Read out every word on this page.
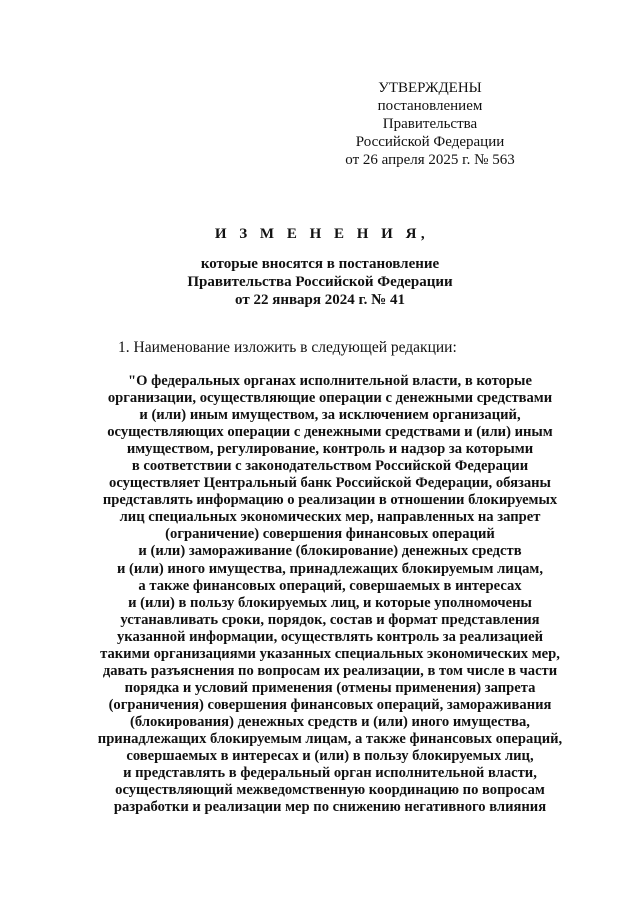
УТВЕРЖДЕНЫ
постановлением Правительства
Российской Федерации
от 26 апреля 2025 г. № 563
И З М Е Н Е Н И Я,
которые вносятся в постановление
Правительства Российской Федерации
от 22 января 2024 г. № 41
1. Наименование изложить в следующей редакции:
"О федеральных органах исполнительной власти, в которые
организации, осуществляющие операции с денежными средствами
и (или) иным имуществом, за исключением организаций,
осуществляющих операции с денежными средствами и (или) иным
имуществом, регулирование, контроль и надзор за которыми
в соответствии с законодательством Российской Федерации
осуществляет Центральный банк Российской Федерации, обязаны
представлять информацию о реализации в отношении блокируемых
лиц специальных экономических мер, направленных на запрет
(ограничение) совершения финансовых операций
и (или) замораживание (блокирование) денежных средств
и (или) иного имущества, принадлежащих блокируемым лицам,
а также финансовых операций, совершаемых в интересах
и (или) в пользу блокируемых лиц, и которые уполномочены
устанавливать сроки, порядок, состав и формат представления
указанной информации, осуществлять контроль за реализацией
такими организациями указанных специальных экономических мер,
давать разъяснения по вопросам их реализации, в том числе в части
порядка и условий применения (отмены применения) запрета
(ограничения) совершения финансовых операций, замораживания
(блокирования) денежных средств и (или) иного имущества,
принадлежащих блокируемым лицам, а также финансовых операций,
совершаемых в интересах и (или) в пользу блокируемых лиц,
и представлять в федеральный орган исполнительной власти,
осуществляющий межведомственную координацию по вопросам
разработки и реализации мер по снижению негативного влияния
